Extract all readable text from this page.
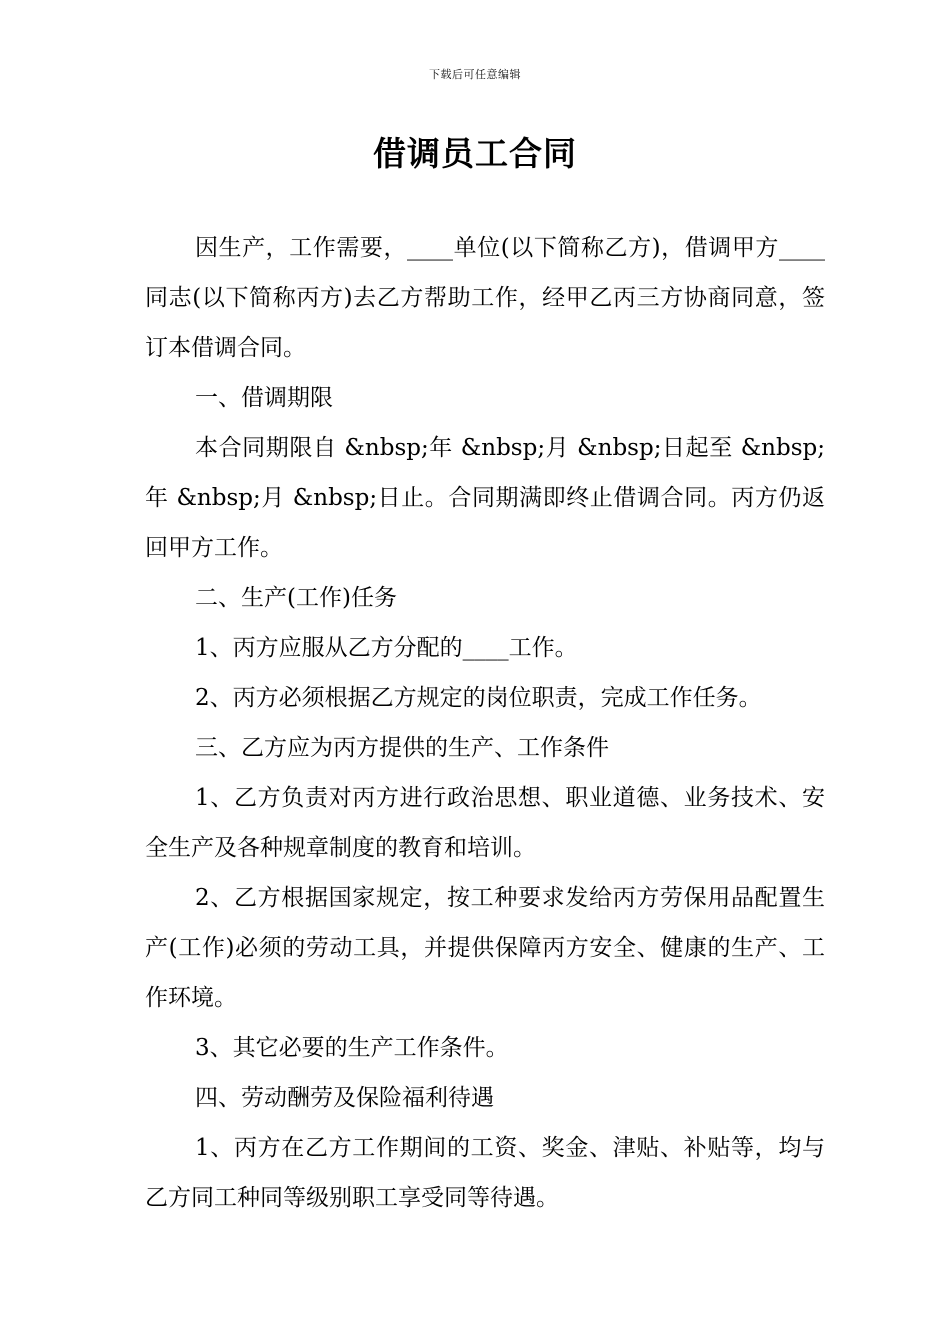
下载后可任意编辑
借调员工合同

因生产，工作需要，____单位(以下简称乙方)，借调甲方____同志(以下简称丙方)去乙方帮助工作，经甲乙丙三方协商同意，签订本借调合同。

一、借调期限

本合同期限自 &nbsp;年 &nbsp;月 &nbsp;日起至 &nbsp;年 &nbsp;月 &nbsp;日止。合同期满即终止借调合同。丙方仍返回甲方工作。

二、生产(工作)任务

1、丙方应服从乙方分配的____工作。

2、丙方必须根据乙方规定的岗位职责，完成工作任务。

三、乙方应为丙方提供的生产、工作条件

1、乙方负责对丙方进行政治思想、职业道德、业务技术、安全生产及各种规章制度的教育和培训。

2、乙方根据国家规定，按工种要求发给丙方劳保用品配置生产(工作)必须的劳动工具，并提供保障丙方安全、健康的生产、工作环境。

3、其它必要的生产工作条件。

四、劳动酬劳及保险福利待遇

1、丙方在乙方工作期间的工资、奖金、津贴、补贴等，均与乙方同工种同等级别职工享受同等待遇。
